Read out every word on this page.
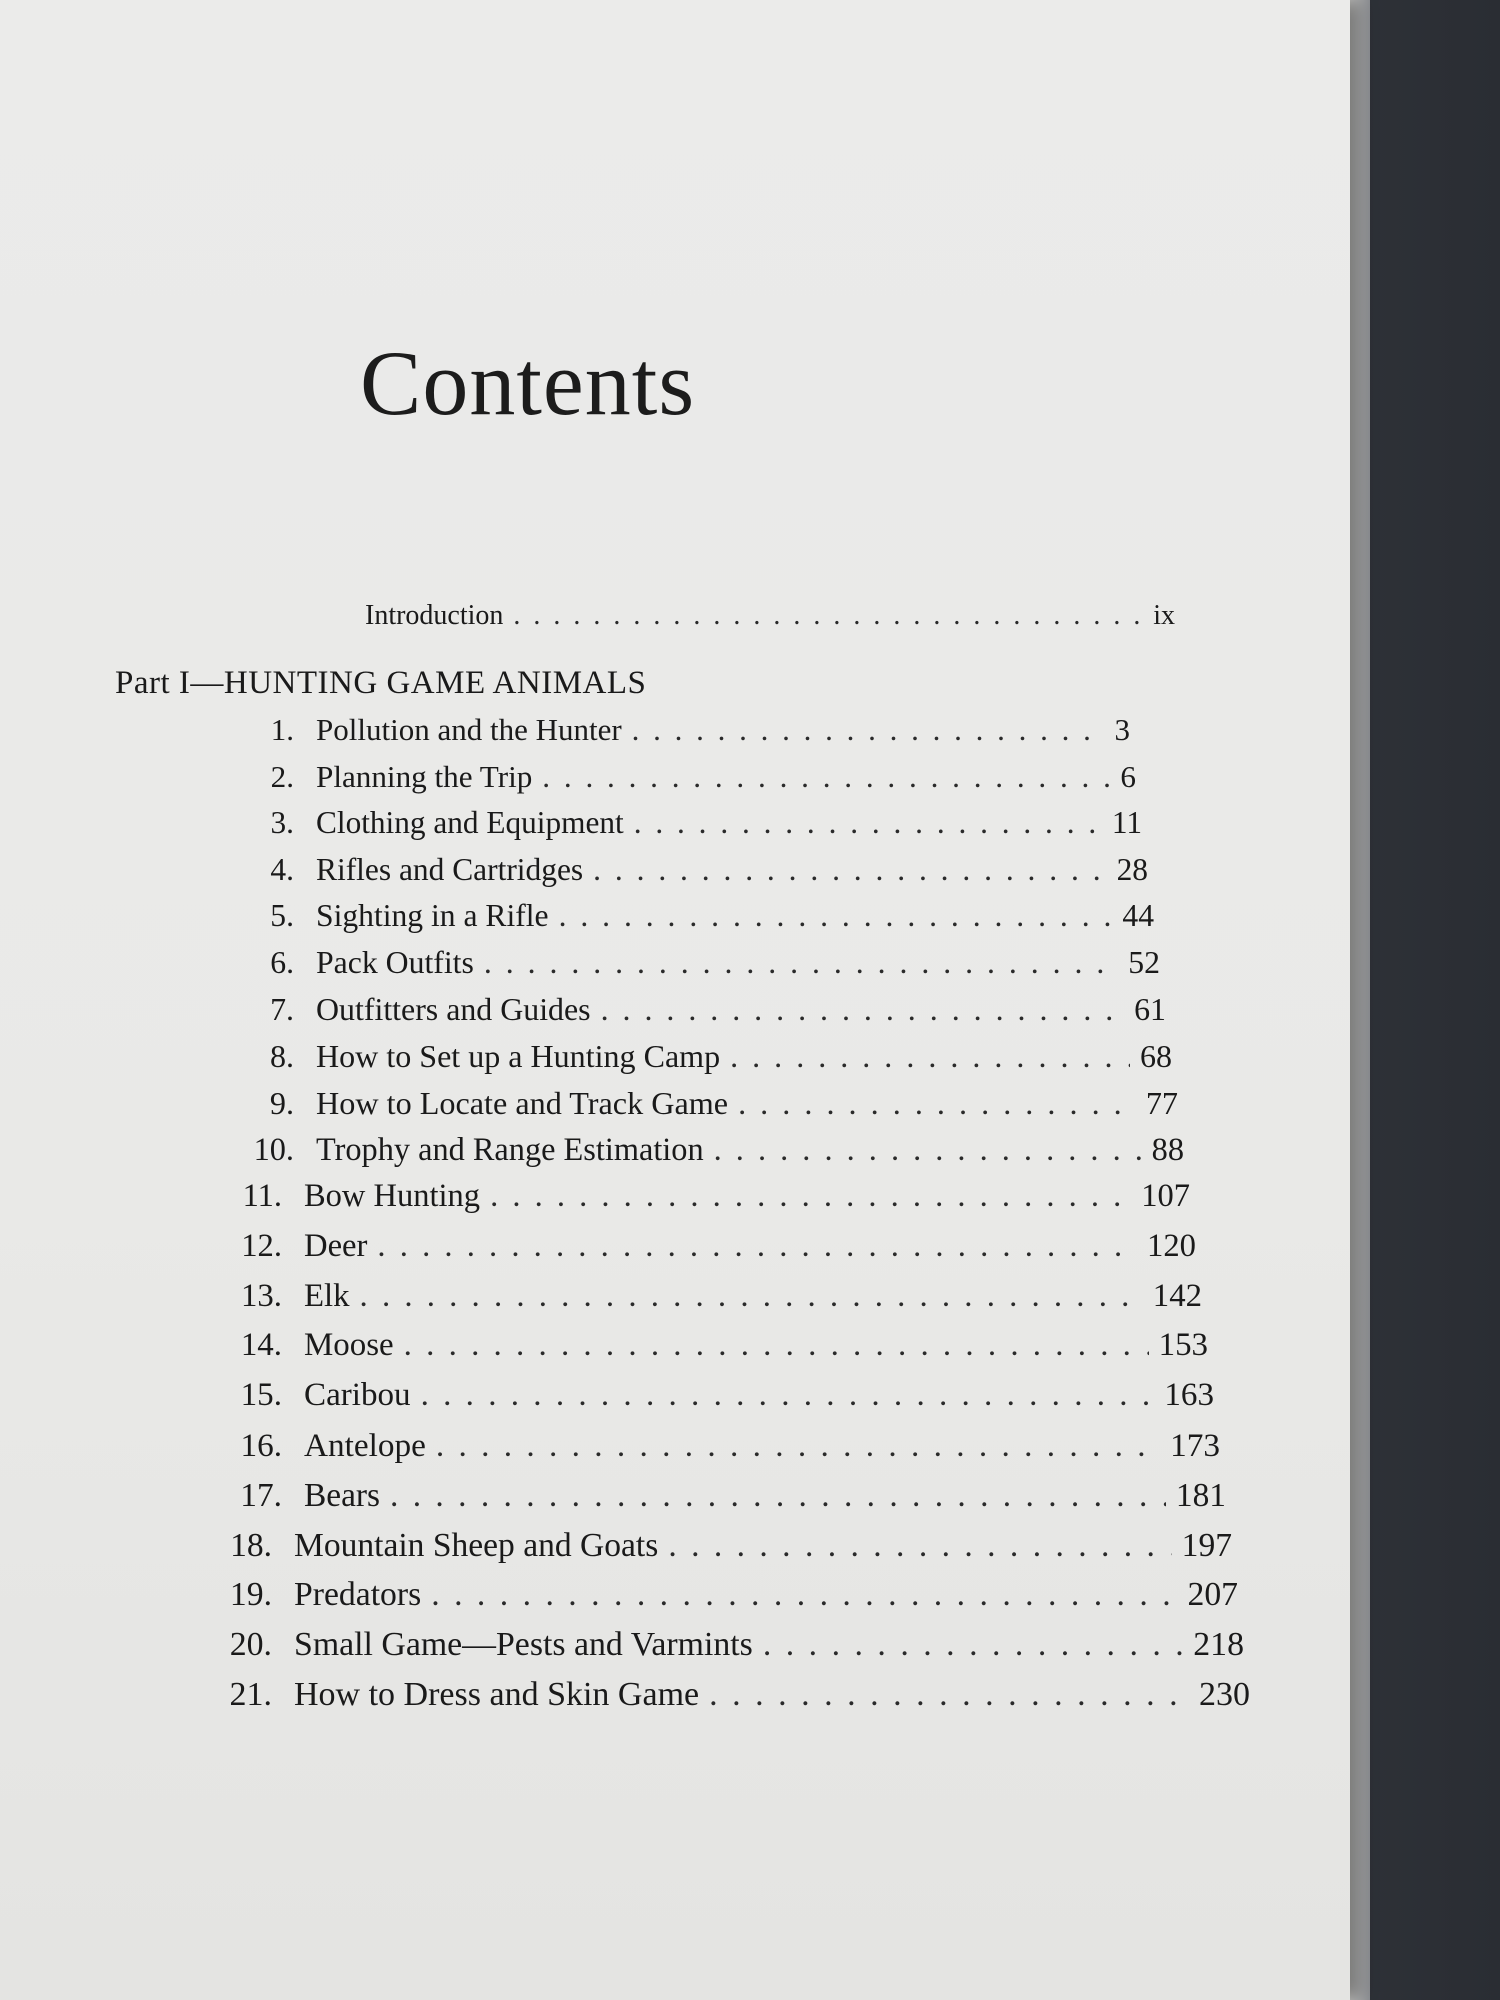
Contents
Introduction . . .	ix
Part I—HUNTING GAME ANIMALS
1. Pollution and the Hunter . . .	3
2. Planning the Trip . . .	6
3. Clothing and Equipment . . .	11
4. Rifles and Cartridges . . .	28
5. Sighting in a Rifle . . .	44
6. Pack Outfits . . .	52
7. Outfitters and Guides . . .	61
8. How to Set up a Hunting Camp . . .	68
9. How to Locate and Track Game . . .	77
10. Trophy and Range Estimation . . .	88
11. Bow Hunting . . .	107
12. Deer . . .	120
13. Elk . . .	142
14. Moose . . .	153
15. Caribou . . .	163
16. Antelope . . .	173
17. Bears . . .	181
18. Mountain Sheep and Goats . . .	197
19. Predators . . .	207
20. Small Game—Pests and Varmints . . .	218
21. How to Dress and Skin Game . . .	230
